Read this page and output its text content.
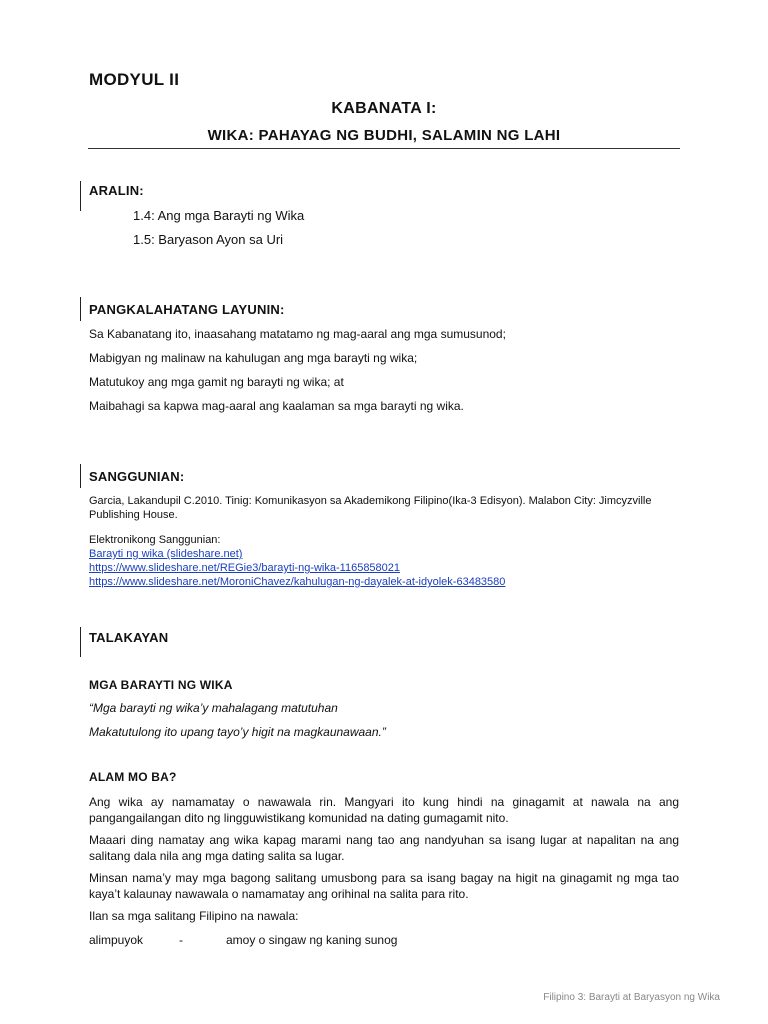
MODYUL II
KABANATA I:
WIKA: PAHAYAG NG BUDHI, SALAMIN NG LAHI
ARALIN:
1.4: Ang mga Barayti ng Wika
1.5: Baryason Ayon sa Uri
PANGKALAHATANG LAYUNIN:
Sa Kabanatang ito, inaasahang matatamo ng mag-aaral ang mga sumusunod;
Mabigyan ng malinaw na kahulugan ang mga barayti ng wika;
Matutukoy ang mga gamit ng barayti ng wika; at
Maibahagi sa kapwa mag-aaral ang kaalaman sa mga barayti ng wika.
SANGGUNIAN:
Garcia, Lakandupil C.2010. Tinig: Komunikasyon sa Akademikong Filipino(Ika-3 Edisyon). Malabon City: Jimcyzville Publishing House.
Elektronikong Sanggunian:
Barayti ng wika (slideshare.net)
https://www.slideshare.net/REGie3/barayti-ng-wika-1165858021
https://www.slideshare.net/MoroniChavez/kahulugan-ng-dayalek-at-idyolek-63483580
TALAKAYAN
MGA BARAYTI NG WIKA
“Mga barayti ng wika’y mahalagang matutuhan
Makatutulong ito upang tayo’y higit na magkaunawaan.”
ALAM MO BA?
Ang wika ay namamatay o nawawala rin. Mangyari ito kung hindi na ginagamit at nawala na ang pangangailangan dito ng lingguwistikang komunidad na dating gumagamit nito.
Maaari ding namatay ang wika kapag marami nang tao ang nandyuhan sa isang lugar at napalitan na ang salitang dala nila ang mga dating salita sa lugar.
Minsan nama’y may mga bagong salitang umusbong para sa isang bagay na higit na ginagamit ng mga tao kaya’t kalaunay nawawala o namamatay ang orihinal na salita para rito.
Ilan sa mga salitang Filipino na nawala:
alimpuyok	-	amoy o singaw ng kaning sunog
Filipino 3: Barayti at Baryasyon ng Wika
